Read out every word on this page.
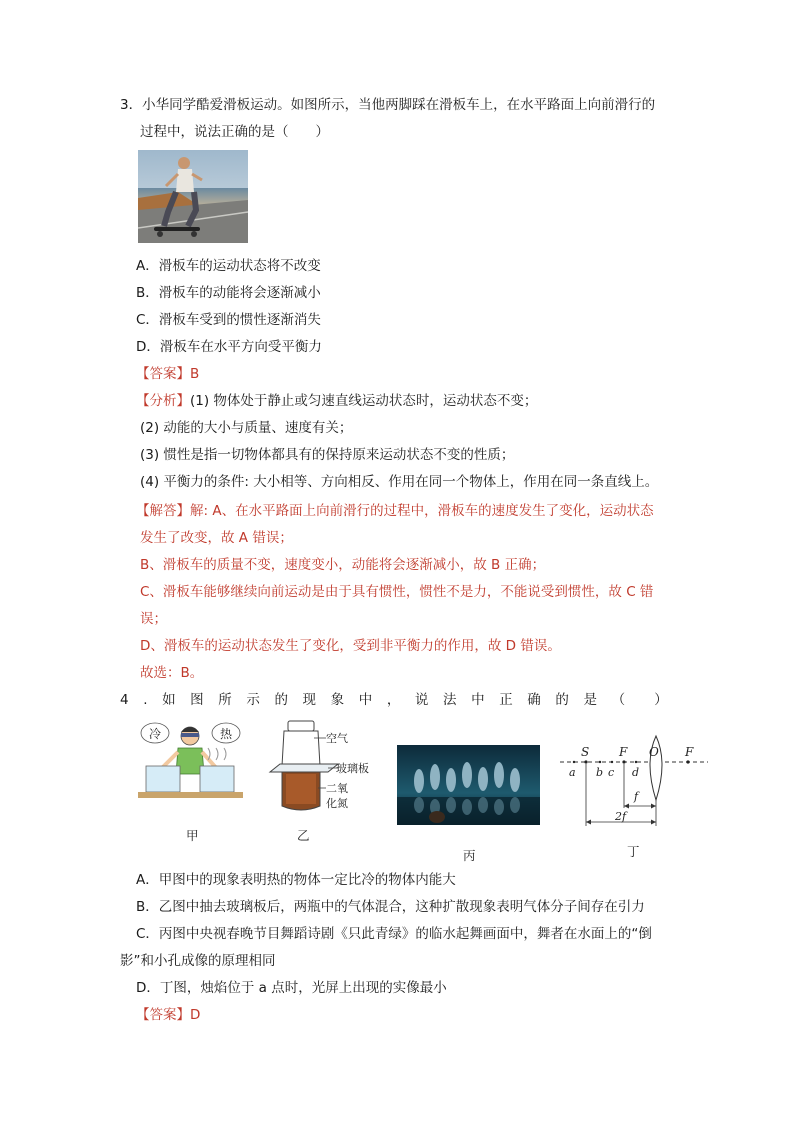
3．小华同学酷爱滑板运动。如图所示，当他两脚踩在滑板车上，在水平路面上向前滑行的
过程中，说法正确的是（　　）
A．滑板车的运动状态将不改变
B．滑板车的动能将会逐渐减小
C．滑板车受到的惯性逐渐消失
D．滑板车在水平方向受平衡力
【答案】B
【分析】(1) 物体处于静止或匀速直线运动状态时，运动状态不变；
(2) 动能的大小与质量、速度有关；
(3) 惯性是指一切物体都具有的保持原来运动状态不变的性质；
(4) 平衡力的条件: 大小相等、方向相反、作用在同一个物体上，作用在同一条直线上。
【解答】解: A、在水平路面上向前滑行的过程中，滑板车的速度发生了变化，运动状态
发生了改变，故 A 错误；
B、滑板车的质量不变，速度变小，动能将会逐渐减小，故 B 正确；
C、滑板车能够继续向前运动是由于具有惯性，惯性不是力，不能说受到惯性，故 C 错
误；
D、滑板车的运动状态发生了变化，受到非平衡力的作用，故 D 错误。
故选：B。
4 . 如 图 所 示 的 现 象 中 ， 说 法 中 正 确 的 是 （ ）
冷	热
甲
空气
玻璃板
二氧
化氮
乙
丙
S F O F
a b c d
f
2f
丁
A．甲图中的现象表明热的物体一定比冷的物体内能大
B．乙图中抽去玻璃板后，两瓶中的气体混合，这种扩散现象表明气体分子间存在引力
C．丙图中央视春晚节目舞蹈诗剧《只此青绿》的临水起舞画面中，舞者在水面上的“倒
影”和小孔成像的原理相同
D．丁图，烛焰位于 a 点时，光屏上出现的实像最小
【答案】D
